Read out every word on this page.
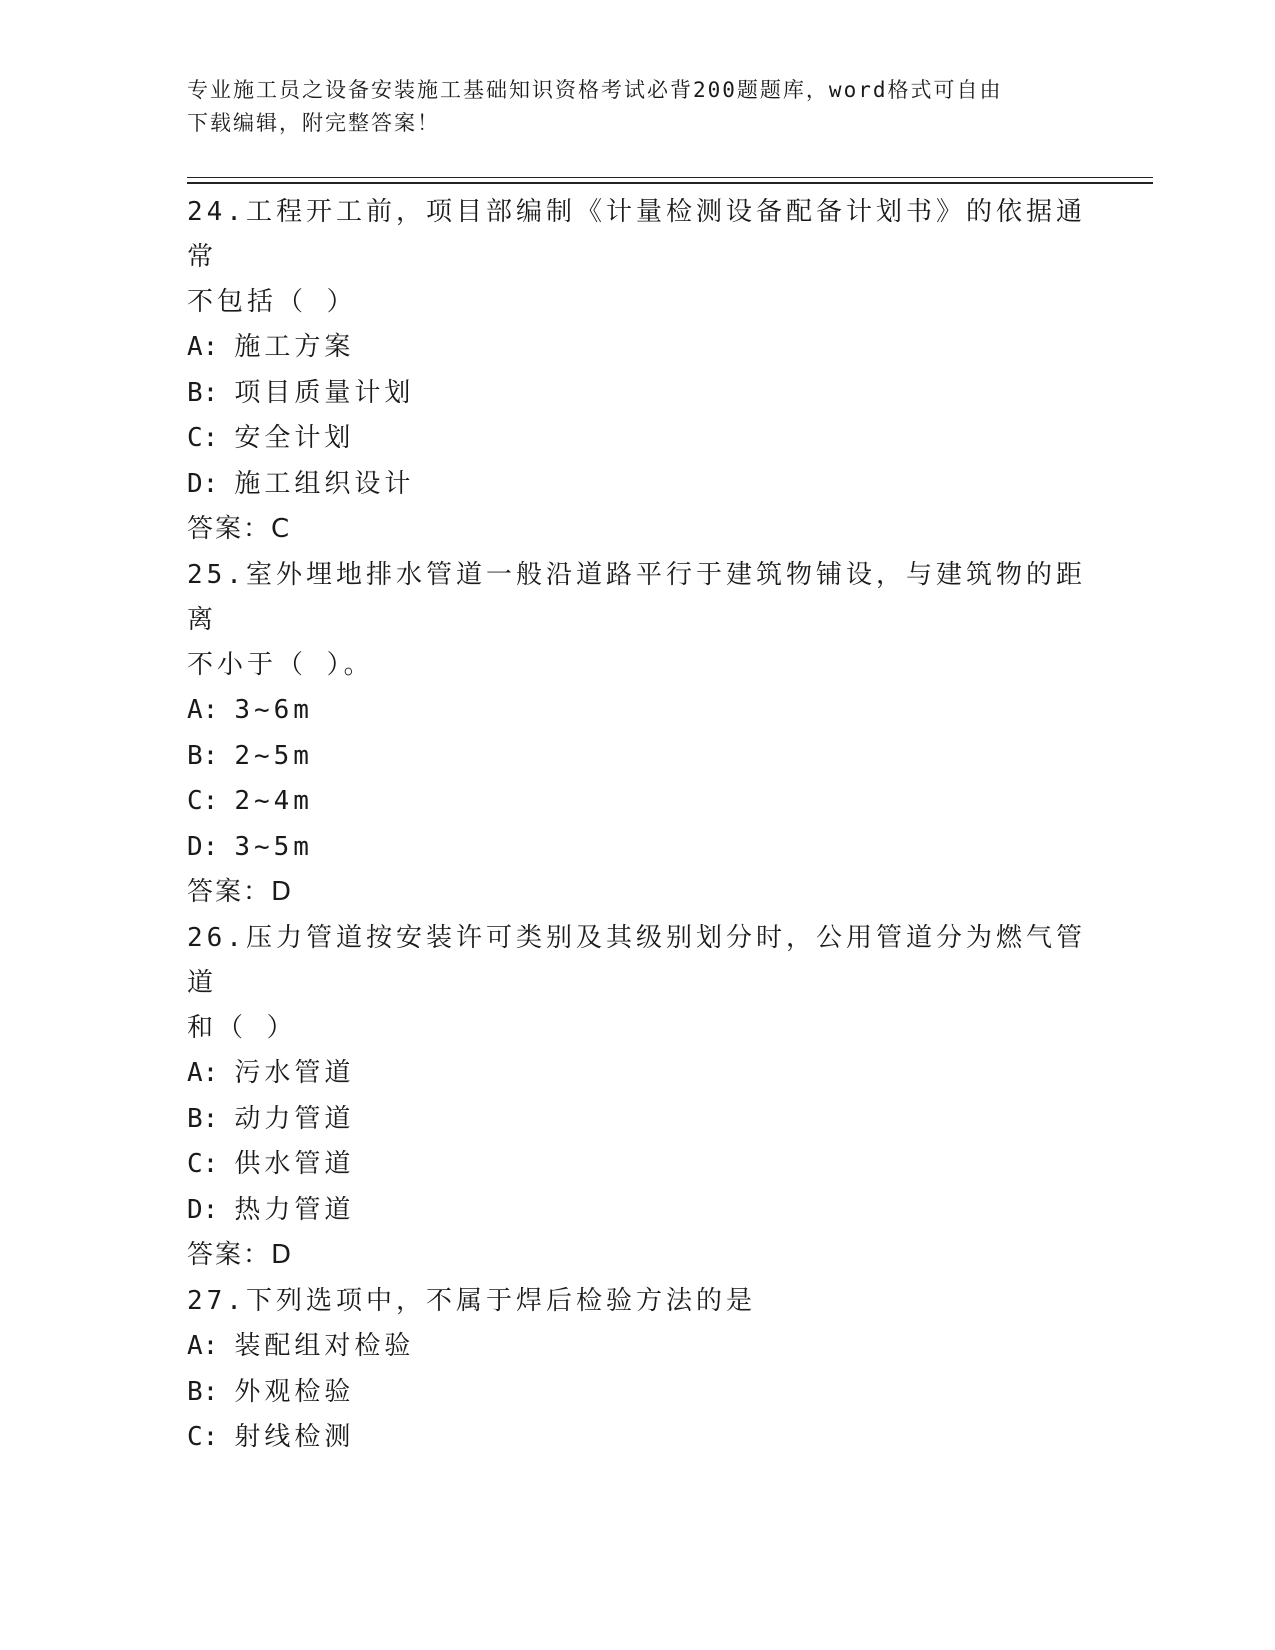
专业施工员之设备安装施工基础知识资格考试必背200题题库，word格式可自由
下载编辑，附完整答案！

24.工程开工前，项目部编制《计量检测设备配备计划书》的依据通常

不包括（ ）

A: 施工方案

B: 项目质量计划

C: 安全计划

D: 施工组织设计

答案：C

25.室外埋地排水管道一般沿道路平行于建筑物铺设，与建筑物的距离

不小于（ ）。

A: 3~6m

B: 2~5m

C: 2~4m

D: 3~5m

答案：D

26.压力管道按安装许可类别及其级别划分时，公用管道分为燃气管道

和（ ）

A: 污水管道

B: 动力管道

C: 供水管道

D: 热力管道

答案：D

27.下列选项中，不属于焊后检验方法的是

A: 装配组对检验

B: 外观检验

C: 射线检测
